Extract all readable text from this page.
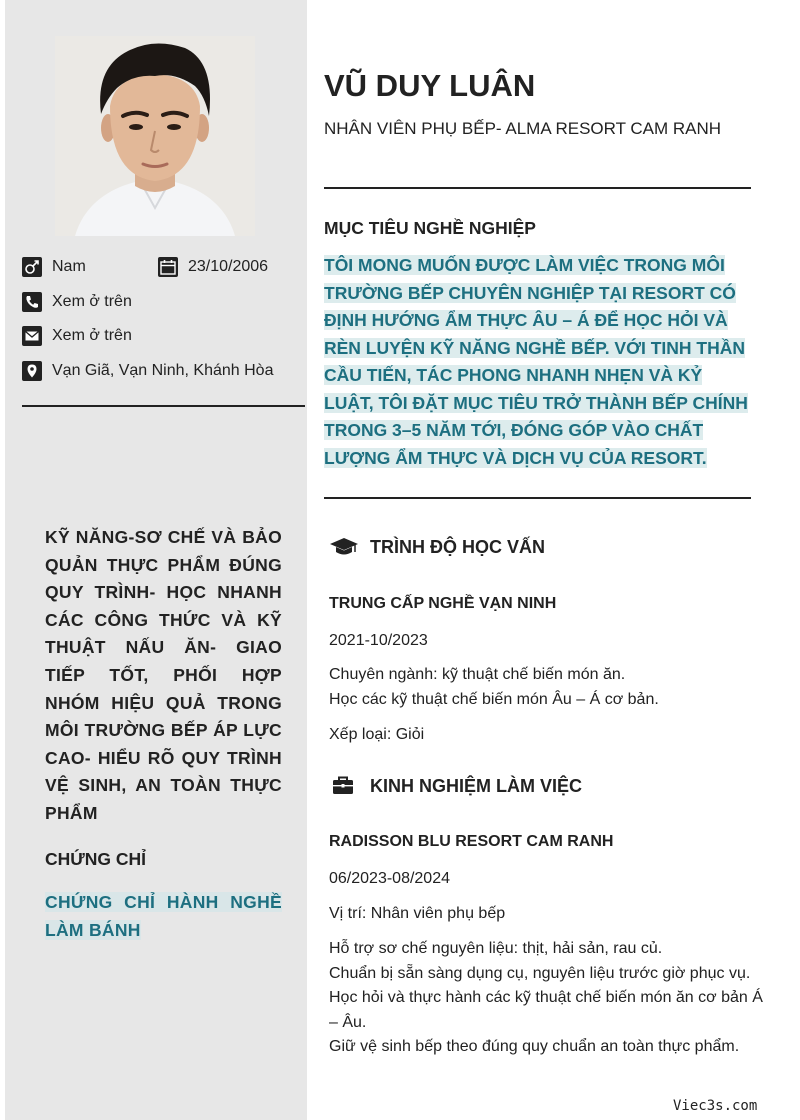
Nam	23/10/2006
Xem ở trên
Xem ở trên
Vạn Giã, Vạn Ninh, Khánh Hòa
KỸ NĂNG-SƠ CHẾ VÀ BẢO QUẢN THỰC PHẨM ĐÚNG QUY TRÌNH- HỌC NHANH CÁC CÔNG THỨC VÀ KỸ THUẬT NẤU ĂN- GIAO TIẾP TỐT, PHỐI HỢP NHÓM HIỆU QUẢ TRONG MÔI TRƯỜNG BẾP ÁP LỰC CAO- HIỂU RÕ QUY TRÌNH VỆ SINH, AN TOÀN THỰC PHẨM
CHỨNG CHỈ
CHỨNG CHỈ HÀNH NGHỀ LÀM BÁNH
VŨ DUY LUÂN
NHÂN VIÊN PHỤ BẾP- ALMA RESORT CAM RANH
MỤC TIÊU NGHỀ NGHIỆP
TÔI MONG MUỐN ĐƯỢC LÀM VIỆC TRONG MÔI TRƯỜNG BẾP CHUYÊN NGHIỆP TẠI RESORT CÓ ĐỊNH HƯỚNG ẨM THỰC ÂU – Á ĐỂ HỌC HỎI VÀ RÈN LUYỆN KỸ NĂNG NGHỀ BẾP. VỚI TINH THẦN CẦU TIẾN, TÁC PHONG NHANH NHẸN VÀ KỶ LUẬT, TÔI ĐẶT MỤC TIÊU TRỞ THÀNH BẾP CHÍNH TRONG 3–5 NĂM TỚI, ĐÓNG GÓP VÀO CHẤT LƯỢNG ẨM THỰC VÀ DỊCH VỤ CỦA RESORT.
TRÌNH ĐỘ HỌC VẤN
TRUNG CẤP NGHỀ VẠN NINH
2021-10/2023
Chuyên ngành: kỹ thuật chế biến món ăn.
Học các kỹ thuật chế biến món Âu – Á cơ bản.
Xếp loại: Giỏi
KINH NGHIỆM LÀM VIỆC
RADISSON BLU RESORT CAM RANH
06/2023-08/2024
Vị trí: Nhân viên phụ bếp
Hỗ trợ sơ chế nguyên liệu: thịt, hải sản, rau củ.
Chuẩn bị sẵn sàng dụng cụ, nguyên liệu trước giờ phục vụ.
Học hỏi và thực hành các kỹ thuật chế biến món ăn cơ bản Á – Âu.
Giữ vệ sinh bếp theo đúng quy chuẩn an toàn thực phẩm.
Viec3s.com
